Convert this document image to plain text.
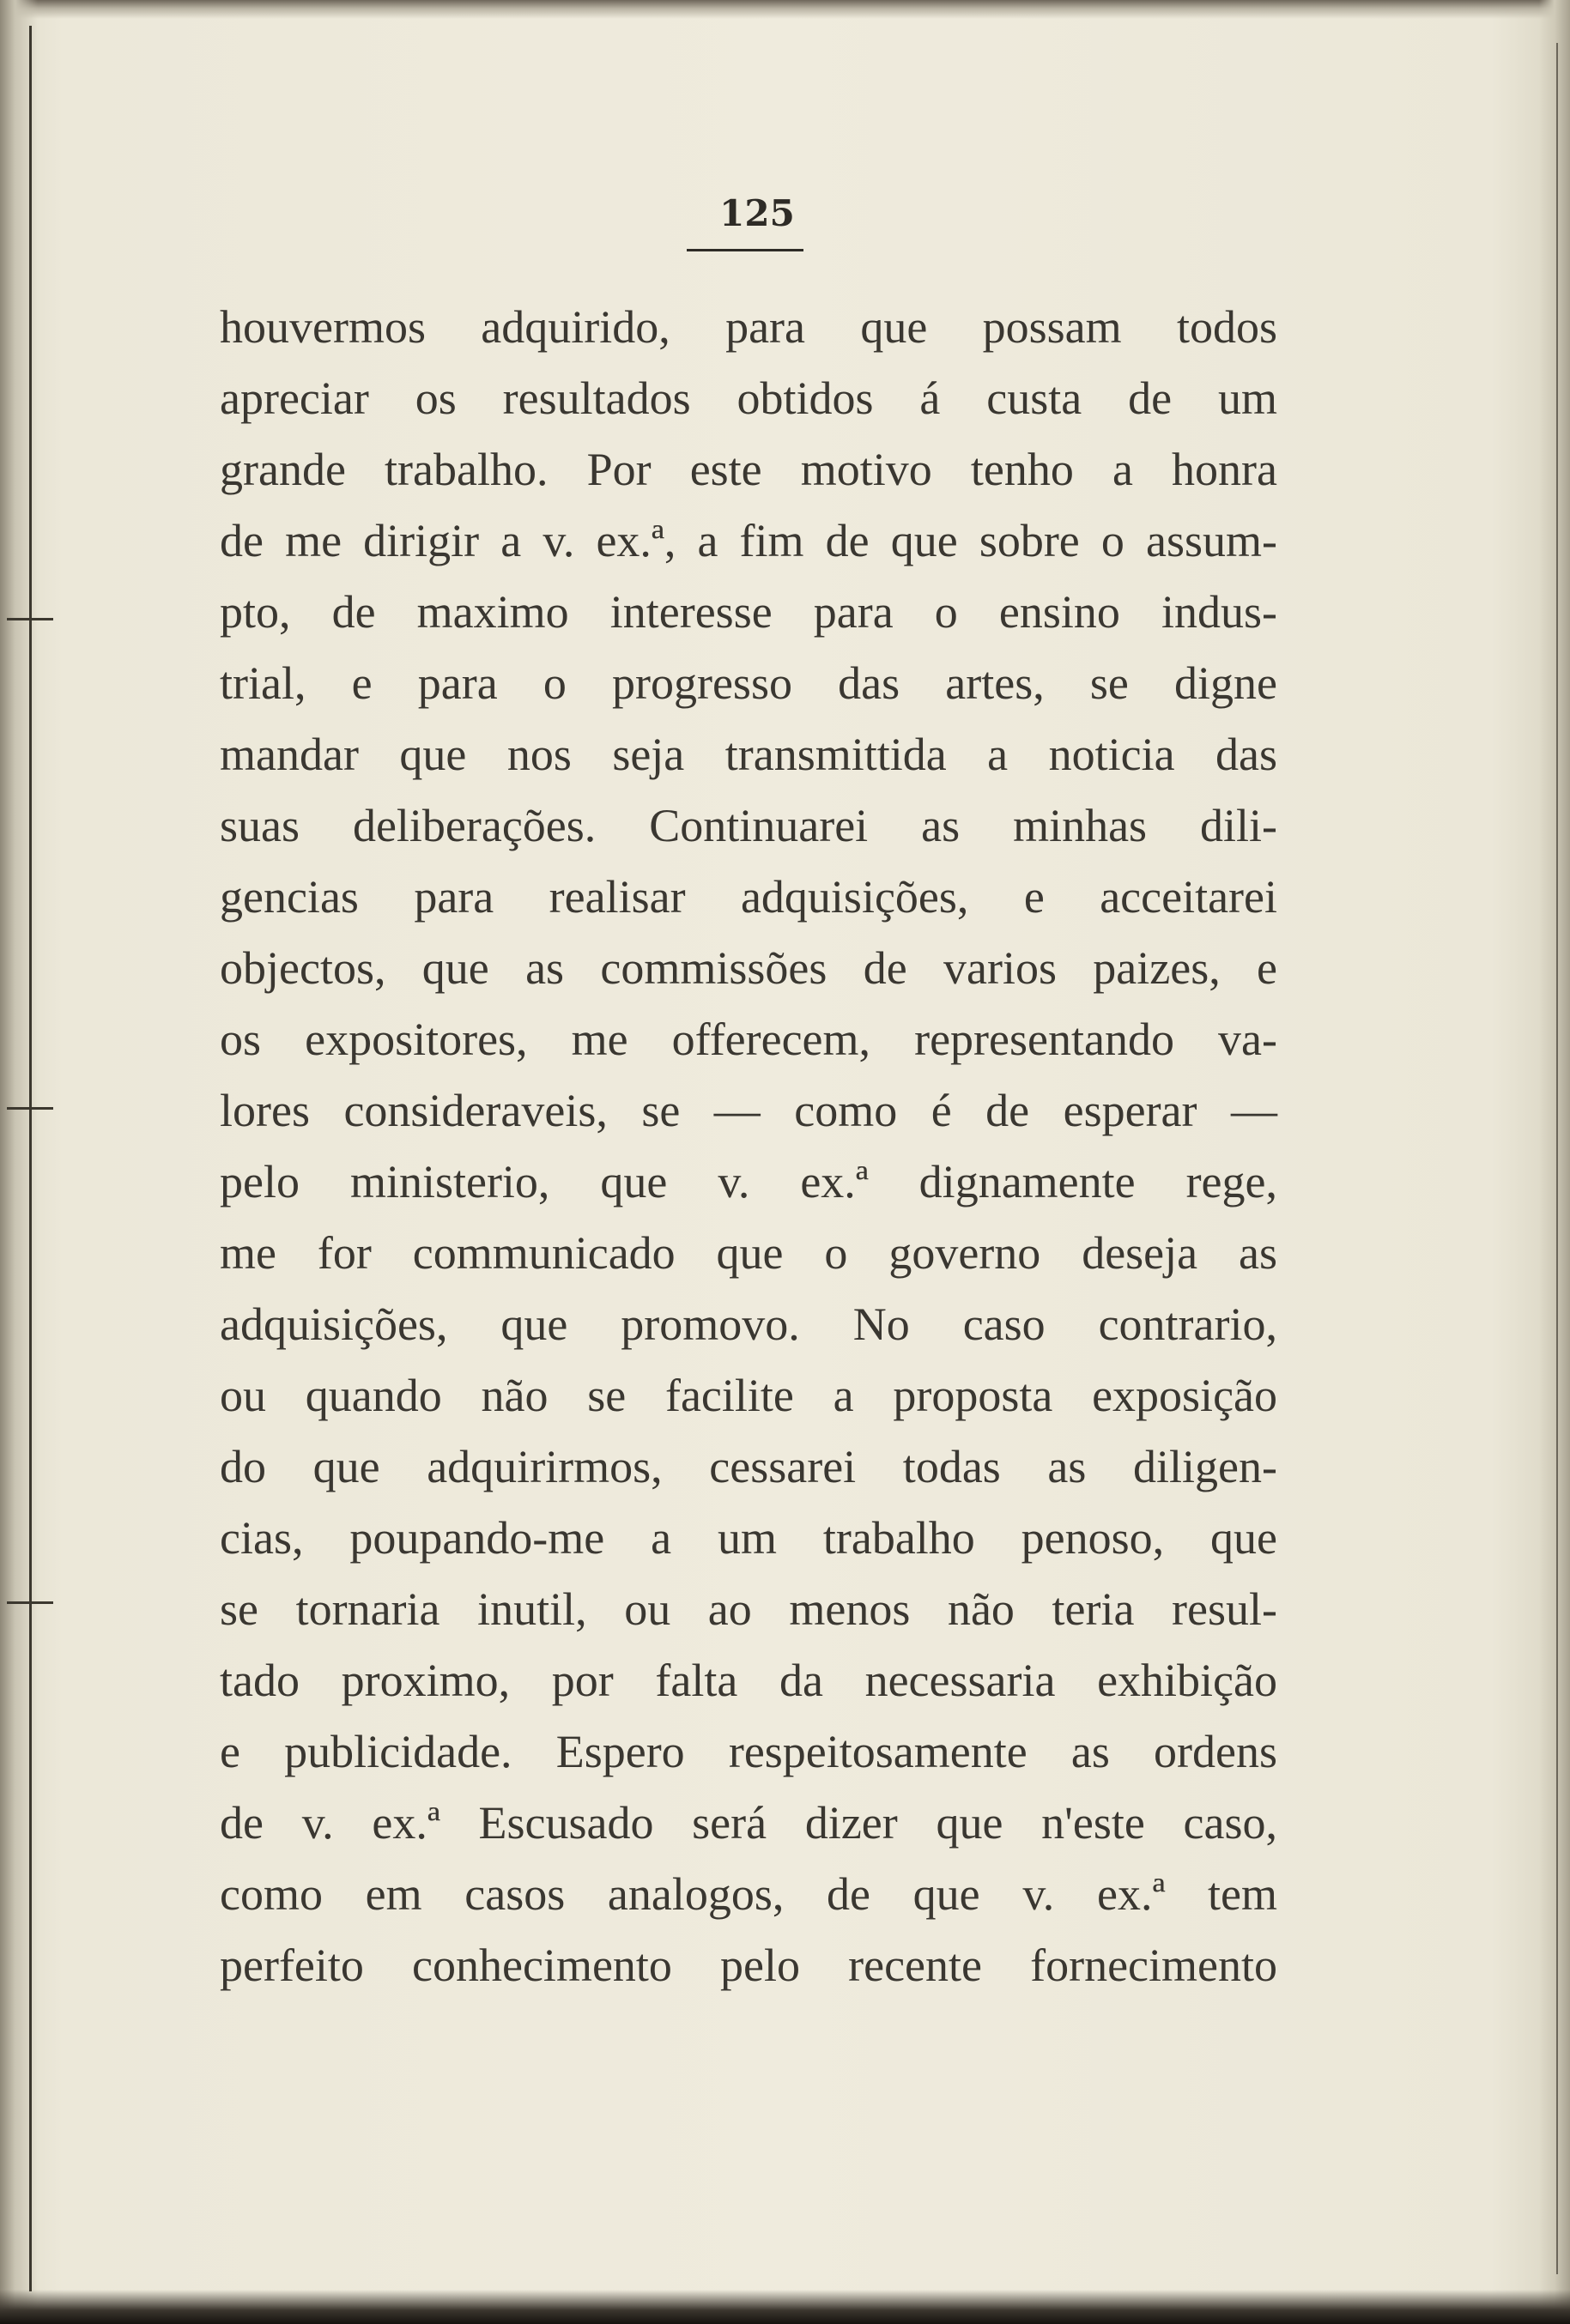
125
houvermos adquirido, para que possam todos
apreciar os resultados obtidos á custa de um
grande trabalho. Por este motivo tenho a honra
de me dirigir a v. ex.ª, a fim de que sobre o assum-
pto, de maximo interesse para o ensino indus-
trial, e para o progresso das artes, se digne
mandar que nos seja transmittida a noticia das
suas deliberações. Continuarei as minhas dili-
gencias para realisar adquisições, e acceitarei
objectos, que as commissões de varios paizes, e
os expositores, me offerecem, representando va-
lores consideraveis, se — como é de esperar —
pelo ministerio, que v. ex.ª dignamente rege,
me for communicado que o governo deseja as
adquisições, que promovo. No caso contrario,
ou quando não se facilite a proposta exposição
do que adquirirmos, cessarei todas as diligen-
cias, poupando-me a um trabalho penoso, que
se tornaria inutil, ou ao menos não teria resul-
tado proximo, por falta da necessaria exhibição
e publicidade. Espero respeitosamente as ordens
de v. ex.ª Escusado será dizer que n'este caso,
como em casos analogos, de que v. ex.ª tem
perfeito conhecimento pelo recente fornecimento
